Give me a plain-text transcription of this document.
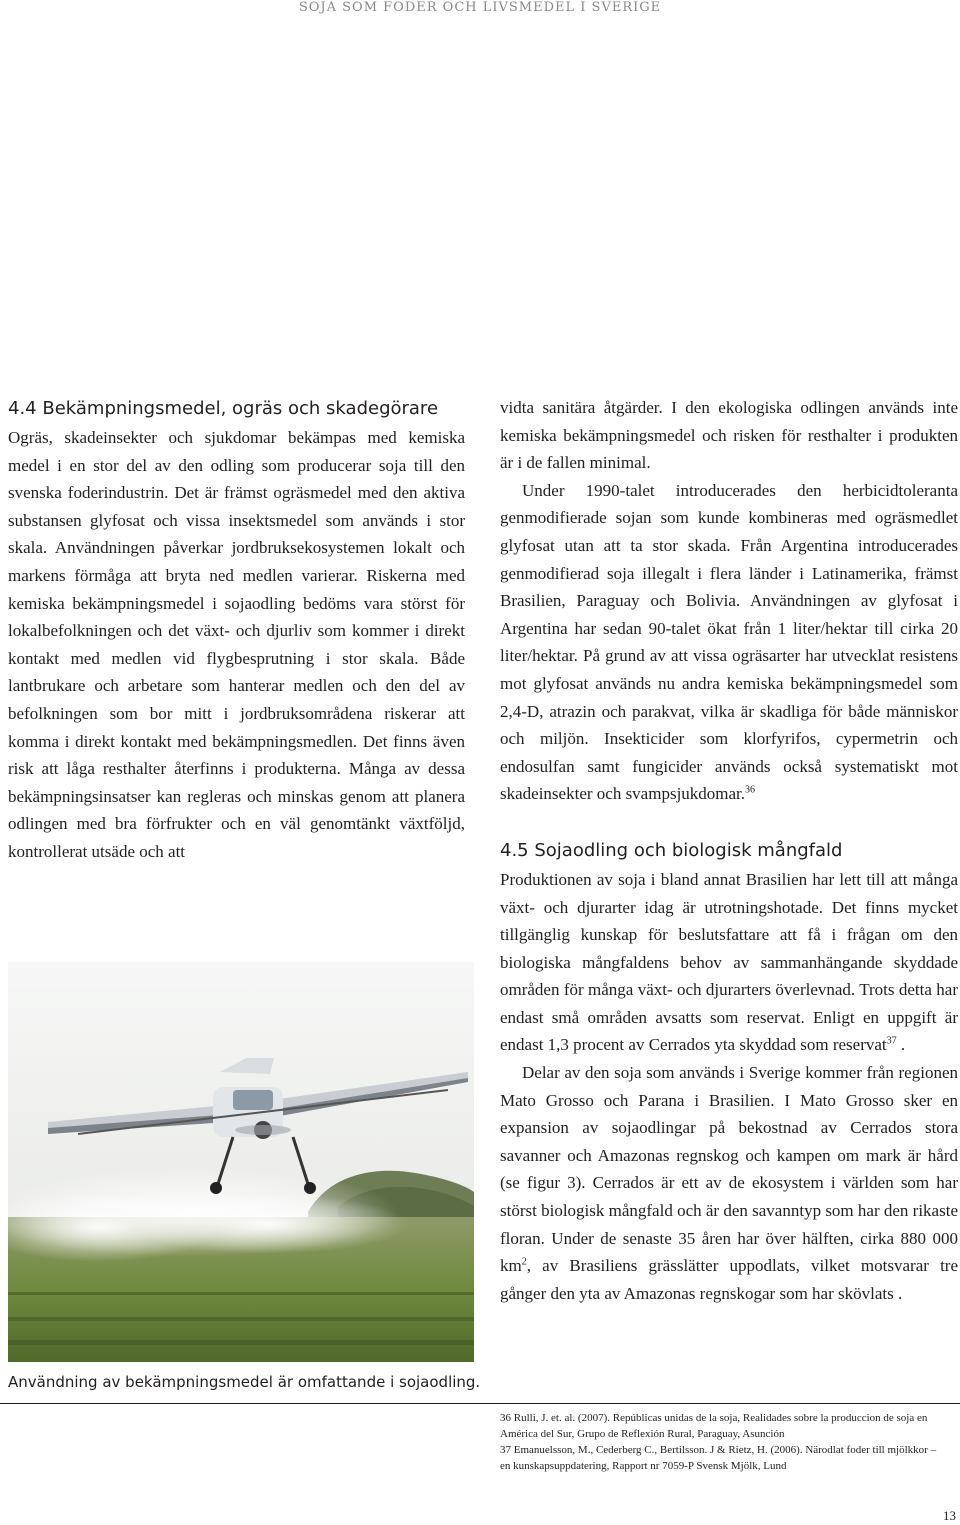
SOJA SOM FODER OCH LIVSMEDEL I SVERIGE
4.4 Bekämpningsmedel, ogräs och skadegörare

Ogräs, skadeinsekter och sjukdomar bekämpas med kemiska medel i en stor del av den odling som producerar soja till den svenska foderindustrin. Det är främst ogräsmedel med den aktiva substansen glyfosat och vissa insektsmedel som används i stor skala. Användningen påverkar jordbruksekosystemen lokalt och markens förmåga att bryta ned medlen varierar. Riskerna med kemiska bekämpningsmedel i sojaodling bedöms vara störst för lokalbefolkningen och det växt- och djurliv som kommer i direkt kontakt med medlen vid flygbesprutning i stor skala. Både lantbrukare och arbetare som hanterar medlen och den del av befolkningen som bor mitt i jordbruksområdena riskerar att komma i direkt kontakt med bekämpningsmedlen. Det finns även risk att låga resthalter återfinns i produkterna. Många av dessa bekämpningsinsatser kan regleras och minskas genom att planera odlingen med bra förfrukter och en väl genomtänkt växtföljd, kontrollerat utsäde och att

vidta sanitära åtgärder. I den ekologiska odlingen används inte kemiska bekämpningsmedel och risken för resthalter i produkten är i de fallen minimal.

Under 1990-talet introducerades den herbicidtoleranta genmodifierade sojan som kunde kombineras med ogräsmedlet glyfosat utan att ta stor skada. Från Argentina introducerades genmodifierad soja illegalt i flera länder i Latinamerika, främst Brasilien, Paraguay och Bolivia. Användningen av glyfosat i Argentina har sedan 90-talet ökat från 1 liter/hektar till cirka 20 liter/hektar. På grund av att vissa ogräsarter har utvecklat resistens mot glyfosat används nu andra kemiska bekämpningsmedel som 2,4-D, atrazin och parakvat, vilka är skadliga för både människor och miljön. Insekticider som klorfyrifos, cypermetrin och endosulfan samt fungicider används också systematiskt mot skadeinsekter och svampsjukdomar.$^{36}$

4.5 Sojaodling och biologisk mångfald

Produktionen av soja i bland annat Brasilien har lett till att många växt- och djurarter idag är utrotningshotade. Det finns mycket tillgänglig kunskap för beslutsfattare att få i frågan om den biologiska mångfaldens behov av sammanhängande skyddade områden för många växt- och djurarters överlevnad. Trots detta har endast små områden avsatts som reservat. Enligt en uppgift är endast 1,3 procent av Cerrados yta skyddad som reservat$^{37}$ .

Delar av den soja som används i Sverige kommer från regionen Mato Grosso och Parana i Brasilien. I Mato Grosso sker en expansion av sojaodlingar på bekostnad av Cerrados stora savanner och Amazonas regnskog och kampen om mark är hård (se figur 3). Cerrados är ett av de ekosystem i världen som har störst biologisk mångfald och är den savanntyp som har den rikaste floran. Under de senaste 35 åren har över hälften, cirka 880 000 $km^2$, av Brasiliens grässlätter uppodlats, vilket motsvarar tre gånger den yta av Amazonas regnskogar som har skövlats .

Användning av bekämpningsmedel är omfattande i sojaodling.

36 Rulli, J. et. al. (2007). Repúblicas unidas de la soja, Realidades sobre la produccion de soja en

América del Sur, Grupo de Reflexión Rural, Paraguay, Asunción

37 Emanuelsson, M., Cederberg C., Bertilsson. J & Rietz, H. (2006). Närodlat foder till mjölkkor –

en kunskapsuppdatering, Rapport nr 7059-P Svensk Mjölk, Lund

13
